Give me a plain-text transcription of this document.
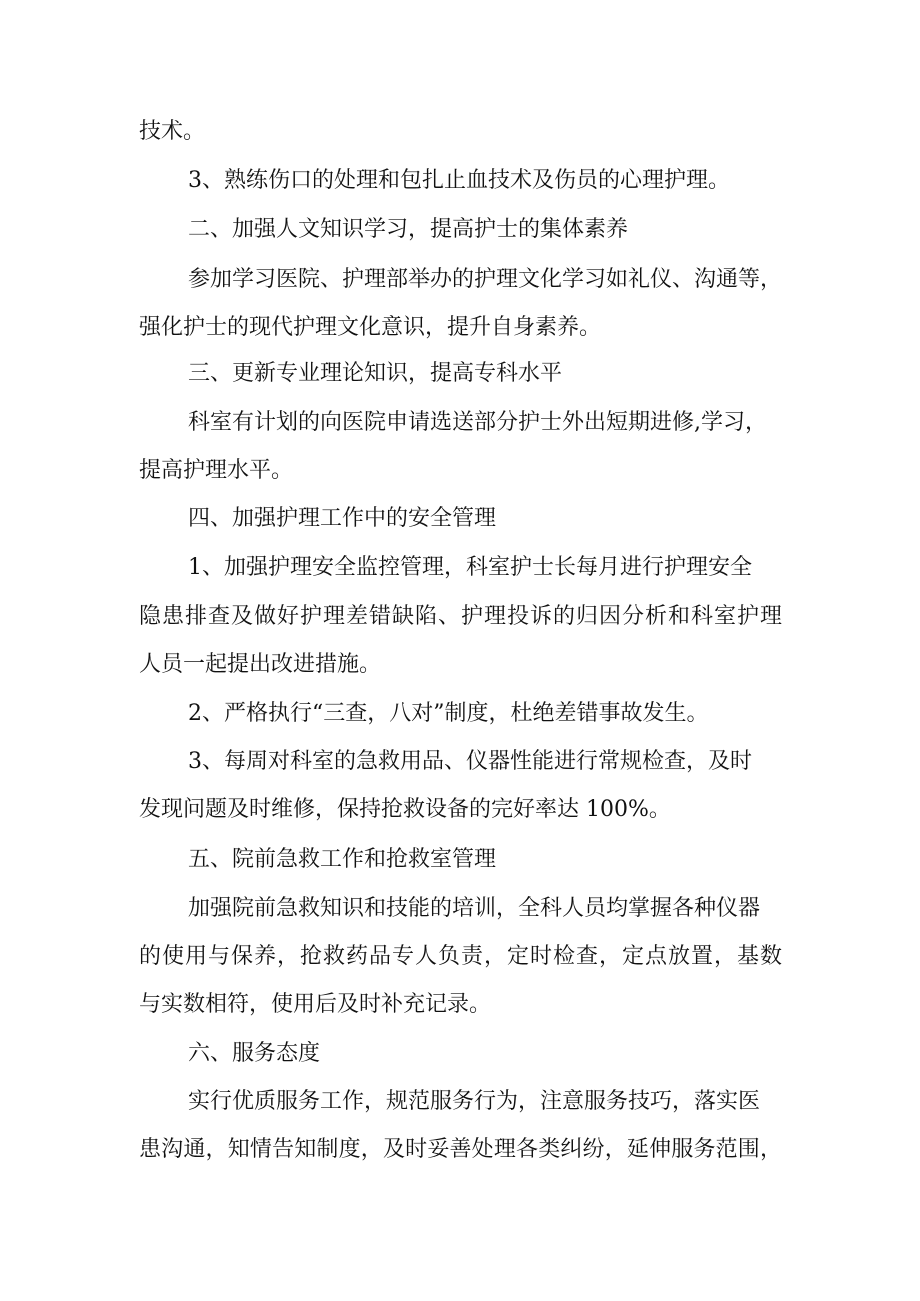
技术。

3、熟练伤口的处理和包扎止血技术及伤员的心理护理。

二、加强人文知识学习，提高护士的集体素养

参加学习医院、护理部举办的护理文化学习如礼仪、沟通等，

强化护士的现代护理文化意识，提升自身素养。

三、更新专业理论知识，提高专科水平

科室有计划的向医院申请选送部分护士外出短期进修,学习，

提高护理水平。

四、加强护理工作中的安全管理

1、加强护理安全监控管理，科室护士长每月进行护理安全

隐患排查及做好护理差错缺陷、护理投诉的归因分析和科室护理

人员一起提出改进措施。

2、严格执行“三查，八对”制度，杜绝差错事故发生。

3、每周对科室的急救用品、仪器性能进行常规检查，及时

发现问题及时维修，保持抢救设备的完好率达 100%。

五、院前急救工作和抢救室管理

加强院前急救知识和技能的培训，全科人员均掌握各种仪器

的使用与保养，抢救药品专人负责，定时检查，定点放置，基数

与实数相符，使用后及时补充记录。

六、服务态度

实行优质服务工作，规范服务行为，注意服务技巧，落实医

患沟通，知情告知制度，及时妥善处理各类纠纷，延伸服务范围，
